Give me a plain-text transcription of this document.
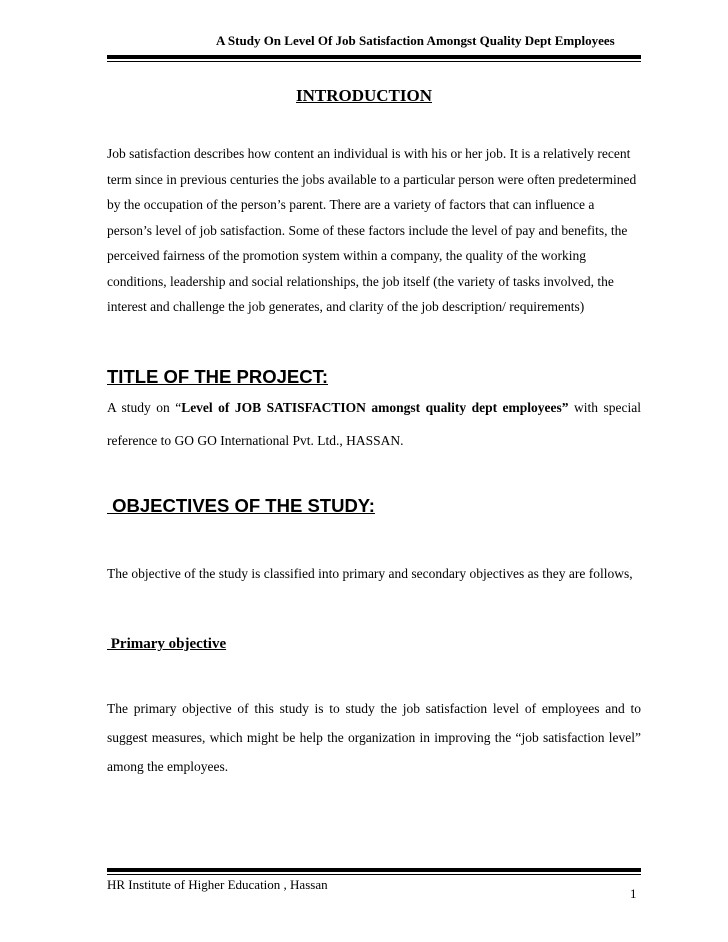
A Study On Level Of Job Satisfaction Amongst Quality Dept Employees
INTRODUCTION
Job satisfaction describes how content an individual is with his or her job. It is a relatively recent term since in previous centuries the jobs available to a particular person were often predetermined by the occupation of the person’s parent. There are a variety of factors that can influence a person’s level of job satisfaction. Some of these factors include the level of pay and benefits, the perceived fairness of the promotion system within a company, the quality of the working conditions, leadership and social relationships, the job itself (the variety of tasks involved, the interest and challenge the job generates, and clarity of the job description/ requirements)
TITLE OF THE PROJECT:
A study on “Level of JOB SATISFACTION amongst quality dept employees” with special reference to GO GO International Pvt. Ltd., HASSAN.
OBJECTIVES OF THE STUDY:
The objective of the study is classified into primary and secondary objectives as they are follows,
Primary objective
The primary objective of this study is to study the job satisfaction level of employees and to suggest measures, which might be help the organization in improving the “job satisfaction level” among the employees.
HR Institute of Higher Education , Hassan
1
